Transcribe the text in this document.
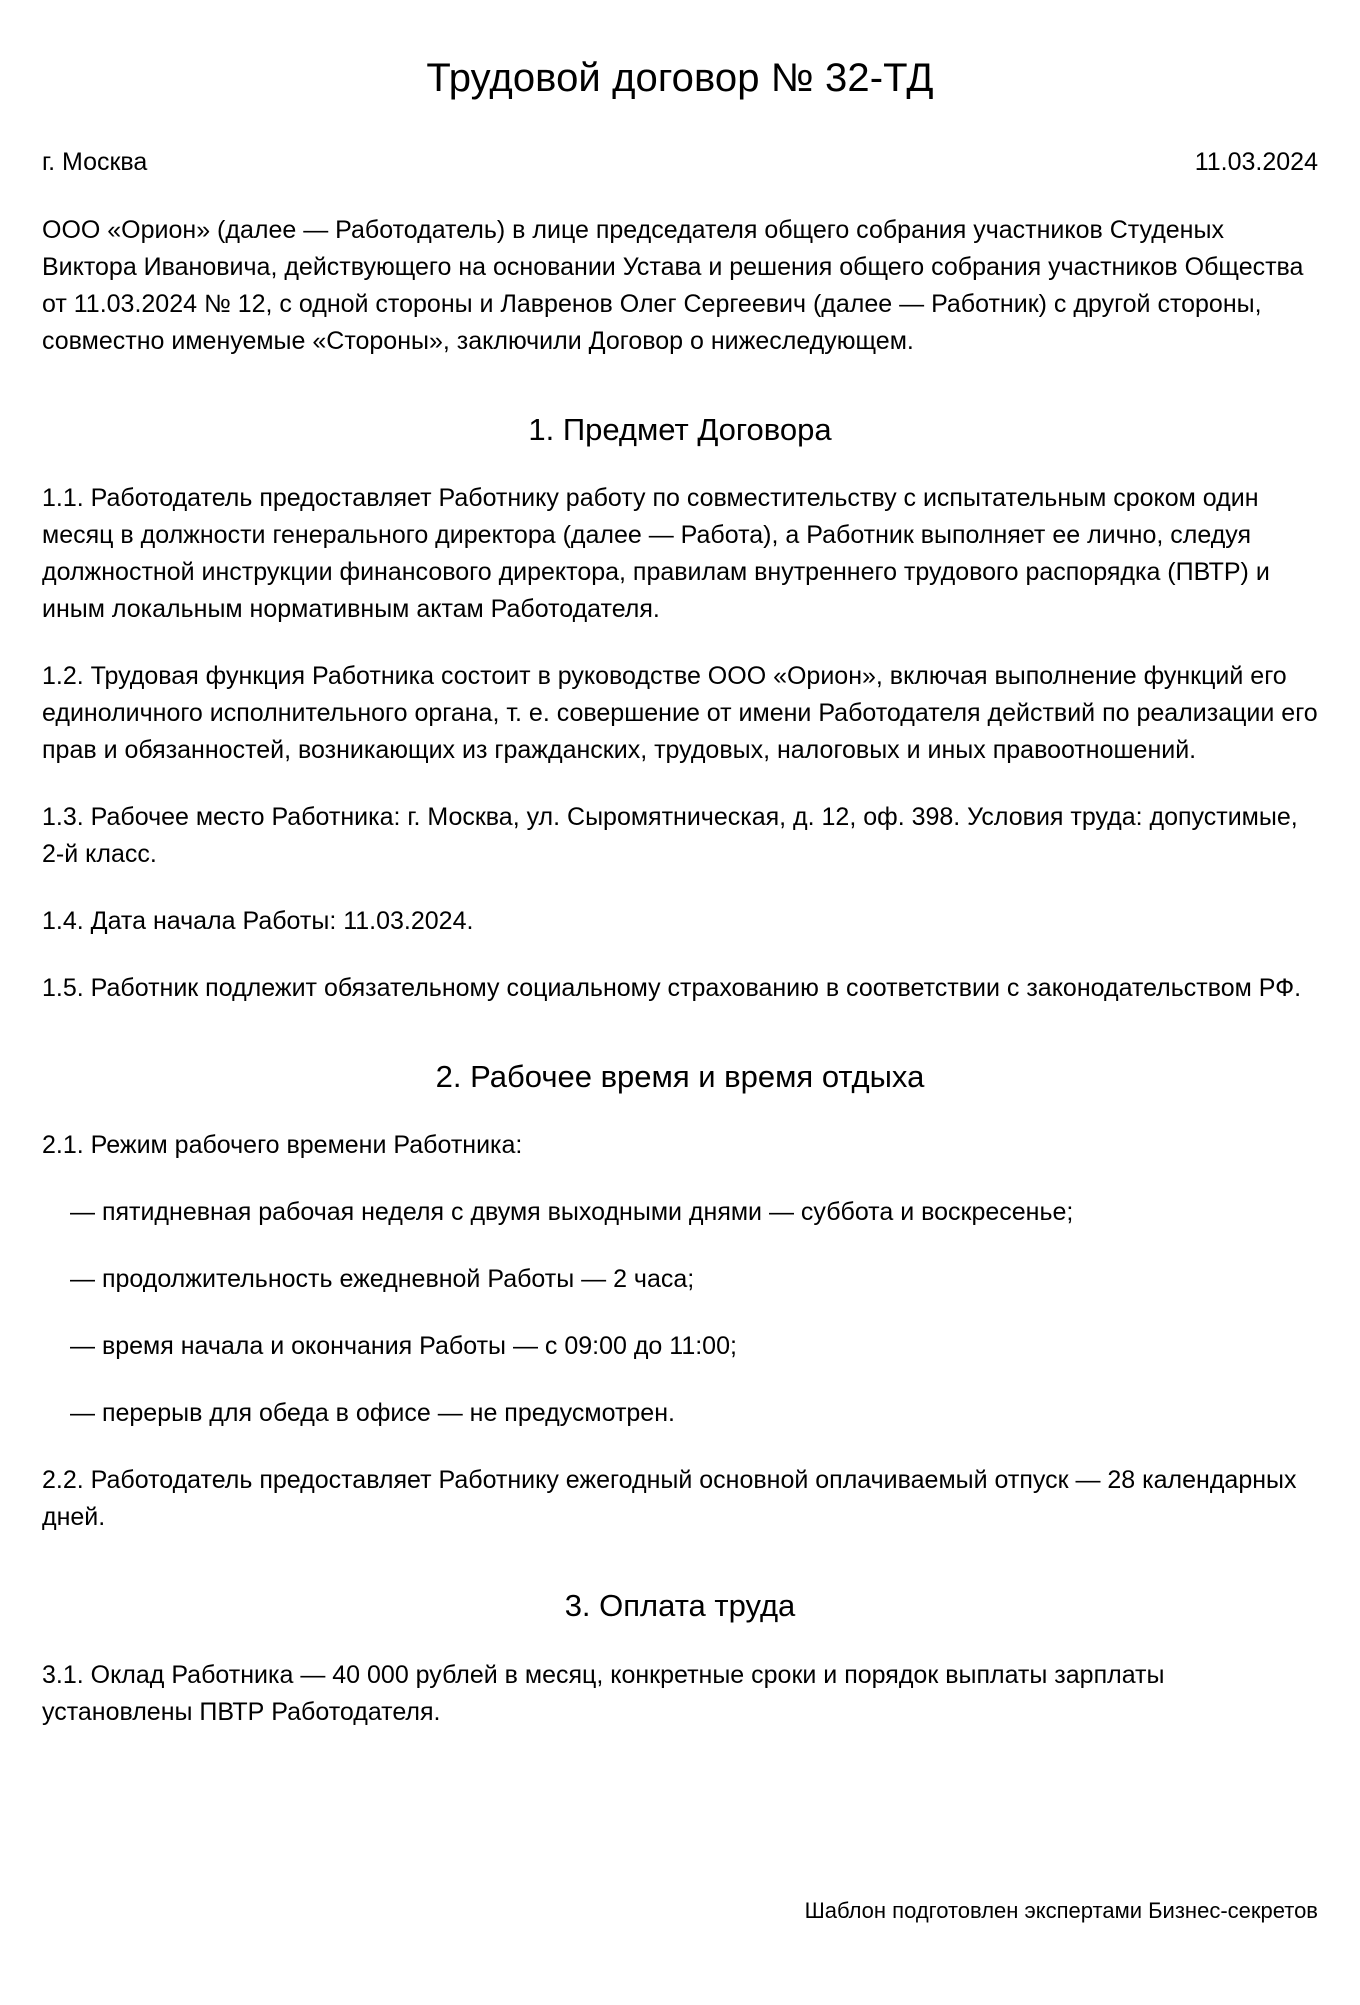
Трудовой договор № 32-ТД
г. Москва	11.03.2024

ООО «Орион» (далее — Работодатель) в лице председателя общего собрания участников Студеных Виктора Ивановича, действующего на основании Устава и решения общего собрания участников Общества от 11.03.2024 № 12, с одной стороны и Лавренов Олег Сергеевич (далее — Работник) с другой стороны, совместно именуемые «Стороны», заключили Договор о нижеследующем.

1. Предмет Договора

1.1. Работодатель предоставляет Работнику работу по совместительству с испытательным сроком один месяц в должности генерального директора (далее — Работа), а Работник выполняет ее лично, следуя должностной инструкции финансового директора, правилам внутреннего трудового распорядка (ПВТР) и иным локальным нормативным актам Работодателя.

1.2. Трудовая функция Работника состоит в руководстве ООО «Орион», включая выполнение функций его единоличного исполнительного органа, т. е. совершение от имени Работодателя действий по реализации его прав и обязанностей, возникающих из гражданских, трудовых, налоговых и иных правоотношений.

1.3. Рабочее место Работника: г. Москва, ул. Сыромятническая, д. 12, оф. 398. Условия труда: допустимые, 2-й класс.

1.4. Дата начала Работы: 11.03.2024.

1.5. Работник подлежит обязательному социальному страхованию в соответствии с законодательством РФ.

2. Рабочее время и время отдыха

2.1. Режим рабочего времени Работника:

— пятидневная рабочая неделя с двумя выходными днями — суббота и воскресенье;

— продолжительность ежедневной Работы — 2 часа;

— время начала и окончания Работы — с 09:00 до 11:00;

— перерыв для обеда в офисе — не предусмотрен.

2.2. Работодатель предоставляет Работнику ежегодный основной оплачиваемый отпуск — 28 календарных дней.

3. Оплата труда

3.1. Оклад Работника — 40 000 рублей в месяц, конкретные сроки и порядок выплаты зарплаты установлены ПВТР Работодателя.

Шаблон подготовлен экспертами Бизнес-секретов
